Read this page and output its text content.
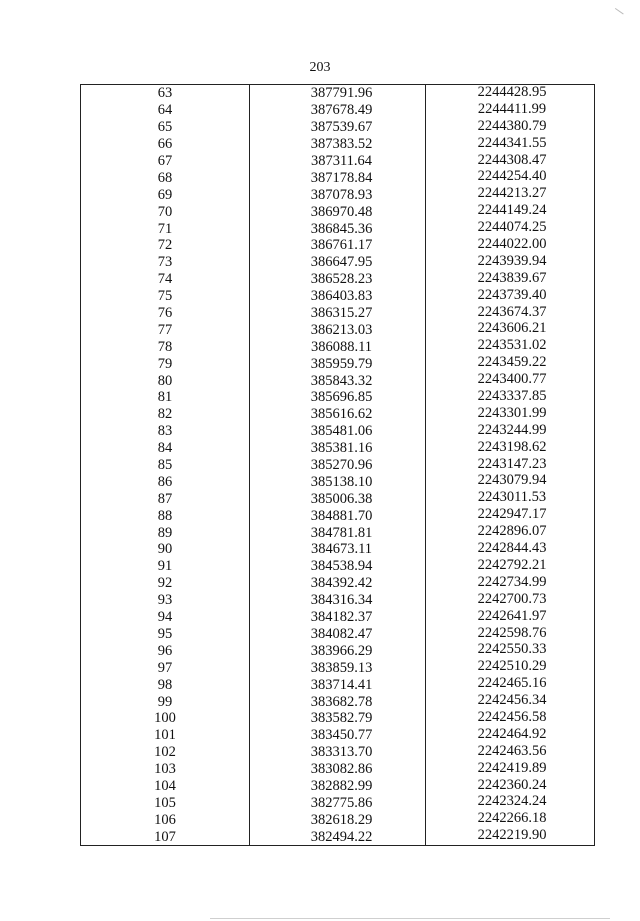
203
63	387791.96	2244428.95
64	387678.49	2244411.99
65	387539.67	2244380.79
66	387383.52	2244341.55
67	387311.64	2244308.47
68	387178.84	2244254.40
69	387078.93	2244213.27
70	386970.48	2244149.24
71	386845.36	2244074.25
72	386761.17	2244022.00
73	386647.95	2243939.94
74	386528.23	2243839.67
75	386403.83	2243739.40
76	386315.27	2243674.37
77	386213.03	2243606.21
78	386088.11	2243531.02
79	385959.79	2243459.22
80	385843.32	2243400.77
81	385696.85	2243337.85
82	385616.62	2243301.99
83	385481.06	2243244.99
84	385381.16	2243198.62
85	385270.96	2243147.23
86	385138.10	2243079.94
87	385006.38	2243011.53
88	384881.70	2242947.17
89	384781.81	2242896.07
90	384673.11	2242844.43
91	384538.94	2242792.21
92	384392.42	2242734.99
93	384316.34	2242700.73
94	384182.37	2242641.97
95	384082.47	2242598.76
96	383966.29	2242550.33
97	383859.13	2242510.29
98	383714.41	2242465.16
99	383682.78	2242456.34
100	383582.79	2242456.58
101	383450.77	2242464.92
102	383313.70	2242463.56
103	383082.86	2242419.89
104	382882.99	2242360.24
105	382775.86	2242324.24
106	382618.29	2242266.18
107	382494.22	2242219.90
